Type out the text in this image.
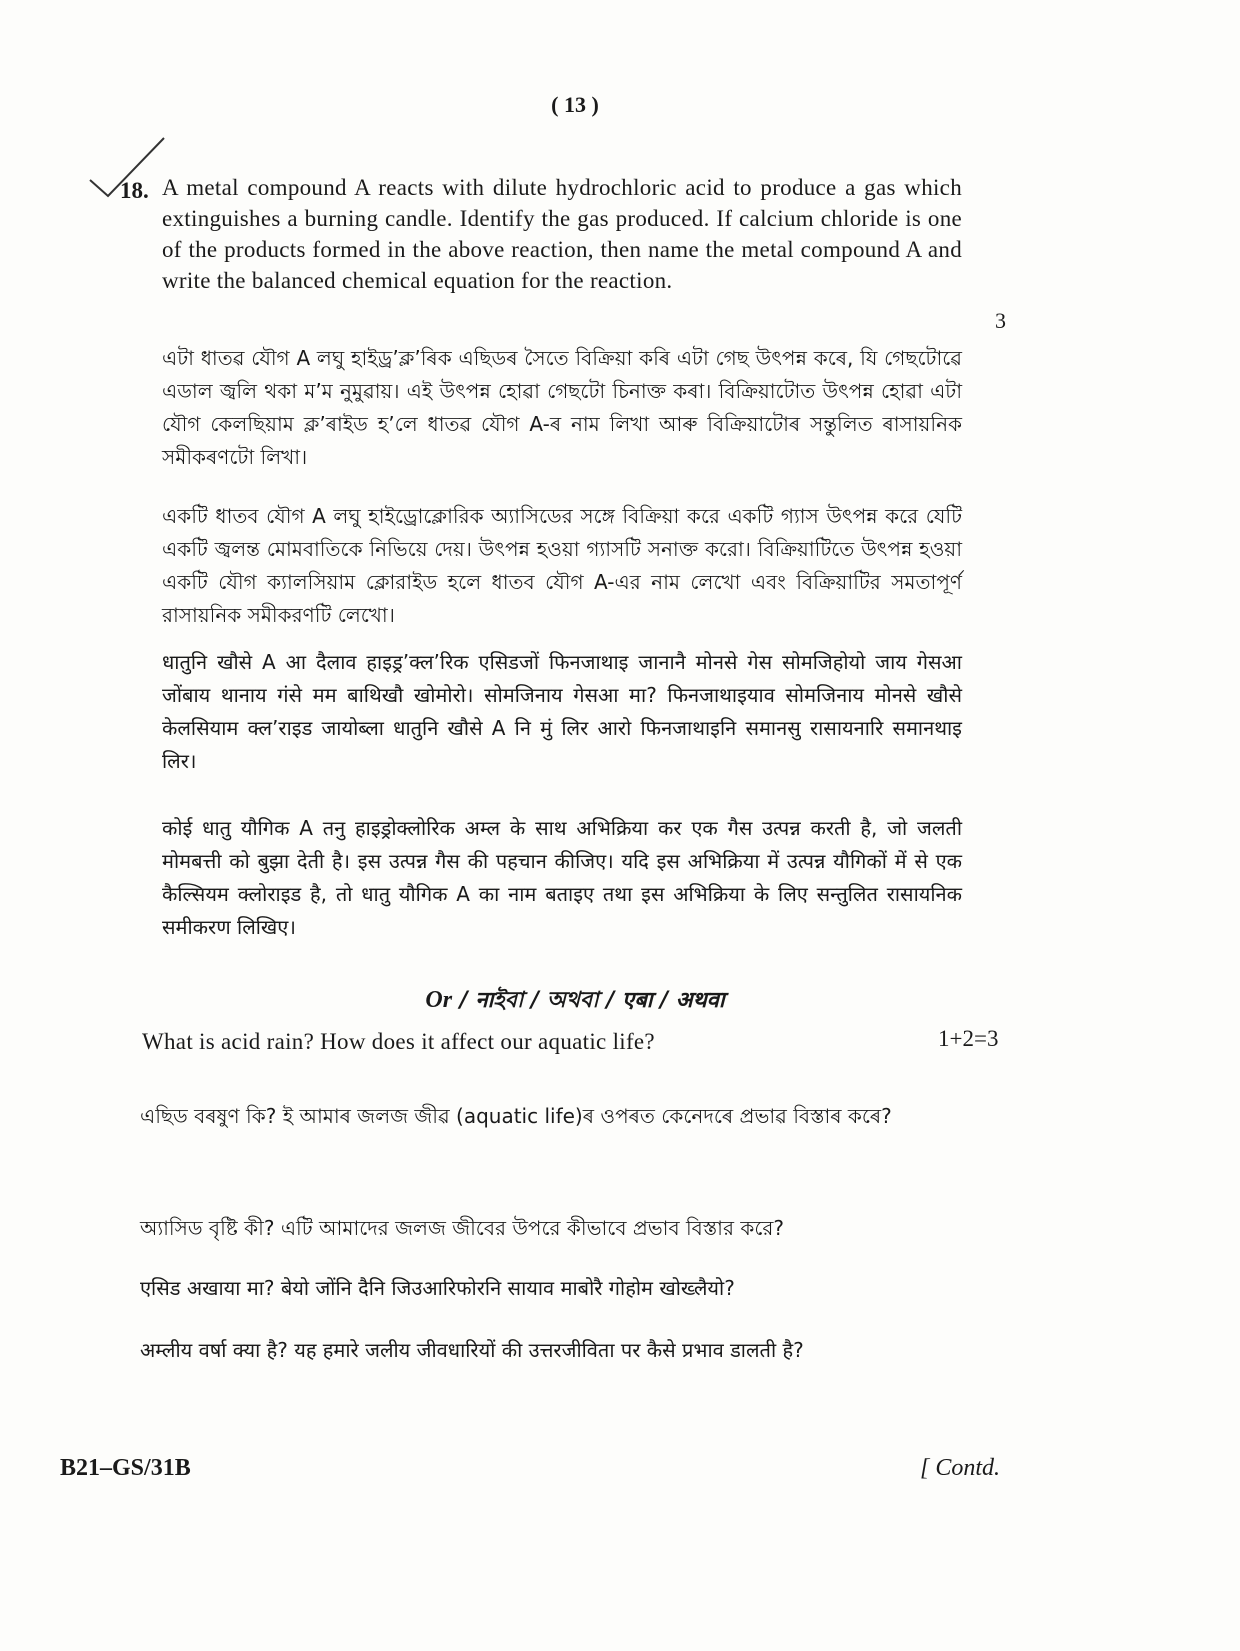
( 13 )
18. A metal compound A reacts with dilute hydrochloric acid to produce a gas which extinguishes a burning candle. Identify the gas produced. If calcium chloride is one of the products formed in the above reaction, then name the metal compound A and write the balanced chemical equation for the reaction.
3
এটা ধাতৱ যৌগ A লঘু হাইড্ৰ’ক্ল’ৰিক এছিডৰ সৈতে বিক্ৰিয়া কৰি এটা গেছ উৎপন্ন কৰে, যি গেছটোৱে এডাল জ্বলি থকা ম’ম নুমুৱায়। এই উৎপন্ন হোৱা গেছটো চিনাক্ত কৰা। বিক্ৰিয়াটোত উৎপন্ন হোৱা এটা যৌগ কেলছিয়াম ক্ল’ৰাইড হ’লে ধাতৱ যৌগ A-ৰ নাম লিখা আৰু বিক্ৰিয়াটোৰ সন্তুলিত ৰাসায়নিক সমীকৰণটো লিখা।
একটি ধাতব যৌগ A লঘু হাইড্রোক্লোরিক অ্যাসিডের সঙ্গে বিক্রিয়া করে একটি গ্যাস উৎপন্ন করে যেটি একটি জ্বলন্ত মোমবাতিকে নিভিয়ে দেয়। উৎপন্ন হওয়া গ্যাসটি সনাক্ত করো। বিক্রিয়াটিতে উৎপন্ন হওয়া একটি যৌগ ক্যালসিয়াম ক্লোরাইড হলে ধাতব যৌগ A-এর নাম লেখো এবং বিক্রিয়াটির সমতাপূর্ণ রাসায়নিক সমীকরণটি লেখো।
धातुनि खौसे A आ दैलाव हाइड्र’क्ल’रिक एसिडजों फिनजाथाइ जानानै मोनसे गेस सोमजिहोयो जाय गेसआ जोंबाय थानाय गंसे मम बाथिखौ खोमोरो। सोमजिनाय गेसआ मा? फिनजाथाइयाव सोमजिनाय मोनसे खौसे केलसियाम क्ल’राइड जायोब्ला धातुनि खौसे A नि मुं लिर आरो फिनजाथाइनि समानसु रासायनारि समानथाइ लिर।
कोई धातु यौगिक A तनु हाइड्रोक्लोरिक अम्ल के साथ अभिक्रिया कर एक गैस उत्पन्न करती है, जो जलती मोमबत्ती को बुझा देती है। इस उत्पन्न गैस की पहचान कीजिए। यदि इस अभिक्रिया में उत्पन्न यौगिकों में से एक कैल्सियम क्लोराइड है, तो धातु यौगिक A का नाम बताइए तथा इस अभिक्रिया के लिए सन्तुलित रासायनिक समीकरण लिखिए।
Or / नाইবা / অথবা / एबा / अथवा
What is acid rain? How does it affect our aquatic life?	1+2=3
এছিড বৰষুণ কি? ই আমাৰ জলজ জীৱ (aquatic life)ৰ ওপৰত কেনেদৰে প্ৰভাৱ বিস্তাৰ কৰে?
অ্যাসিড বৃষ্টি কী? এটি আমাদের জলজ জীবের উপরে কীভাবে প্রভাব বিস্তার করে?
एसिड अखाया मा? बेयो जोंनि दैनि जिउआरिफोरनि सायाव माबोरै गोहोम खोख्लैयो?
अम्लीय वर्षा क्या है? यह हमारे जलीय जीवधारियों की उत्तरजीविता पर कैसे प्रभाव डालती है?
B21–GS/31B	[ Contd.
